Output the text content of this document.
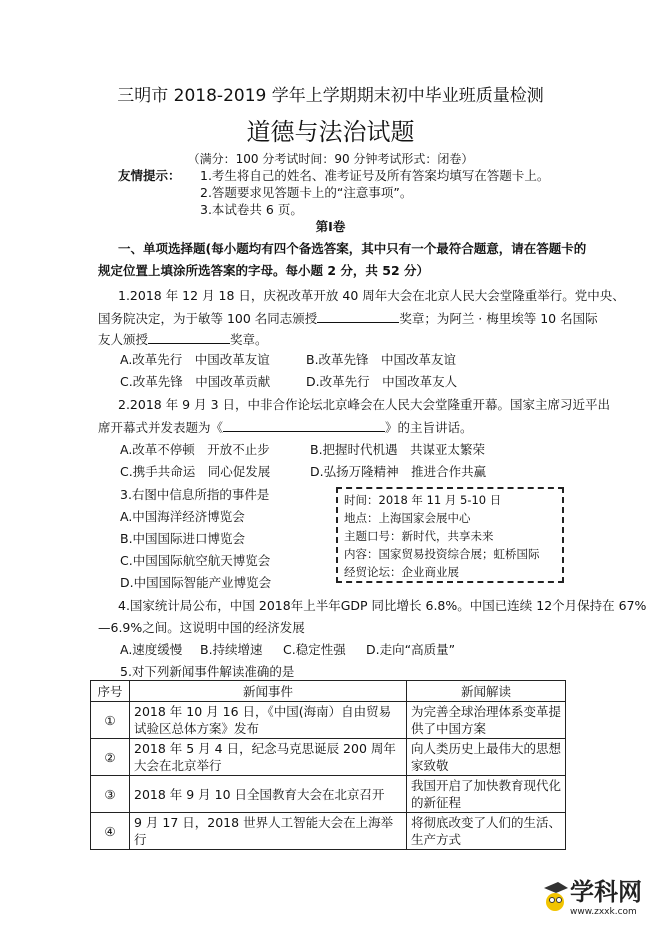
三明市 2018-2019 学年上学期期末初中毕业班质量检测
道德与法治试题
（满分：100 分考试时间：90 分钟考试形式：闭卷）
友情提示： 1.考生将自己的姓名、准考证号及所有答案均填写在答题卡上。
2.答题要求见答题卡上的“注意事项”。
3.本试卷共 6 页。
第Ⅰ卷
一、单项选择题(每小题均有四个备选答案，其中只有一个最符合题意，请在答题卡的
规定位置上填涂所选答案的字母。每小题 2 分，共 52 分）
1.2018 年 12 月 18 日，庆祝改革开放 40 周年大会在北京人民大会堂隆重举行。党中央、
国务院决定，为于敏等 100 名同志颁授	奖章；为阿兰 · 梅里埃等 10 名国际
友人颁授	奖章。
A.改革先行　中国改革友谊	B.改革先锋　中国改革友谊
C.改革先锋　中国改革贡献	D.改革先行　中国改革友人
2.2018 年 9 月 3 日，中非合作论坛北京峰会在人民大会堂隆重开幕。国家主席习近平出
席开幕式并发表题为《	》的主旨讲话。
A.改革不停顿　开放不止步	B.把握时代机遇　共谋亚太繁荣
C.携手共命运　同心促发展	D.弘扬万隆精神　推进合作共赢
3.右图中信息所指的事件是
A.中国海洋经济博览会
B.中国国际进口博览会
C.中国国际航空航天博览会
D.中国国际智能产业博览会
时间：2018 年 11 月 5-10 日
地点：上海国家会展中心
主题口号：新时代，共享未来
内容：国家贸易投资综合展；虹桥国际
经贸论坛：企业商业展
4.国家统计局公布，中国 2018年上半年GDP 同比增长 6.8%。中国已连续 12个月保持在 67%
—6.9%之间。这说明中国的经济发展
A.速度缓慢 B.持续增速 C.稳定性强 D.走向“高质量”
5.对下列新闻事件解读准确的是
序号	新闻事件	新闻解读
①	2018 年 10 月 16 日，《中国(海南）自由贸易试验区总体方案》发布	为完善全球治理体系变革提供了中国方案
②	2018 年 5 月 4 日，纪念马克思诞辰 200 周年大会在北京举行	向人类历史上最伟大的思想家致敬
③	2018 年 9 月 10 日全国教育大会在北京召开	我国开启了加快教育现代化的新征程
④	9 月 17 日，2018 世界人工智能大会在上海举行	将彻底改变了人们的生活、生产方式
学科网
www.zxxk.com
